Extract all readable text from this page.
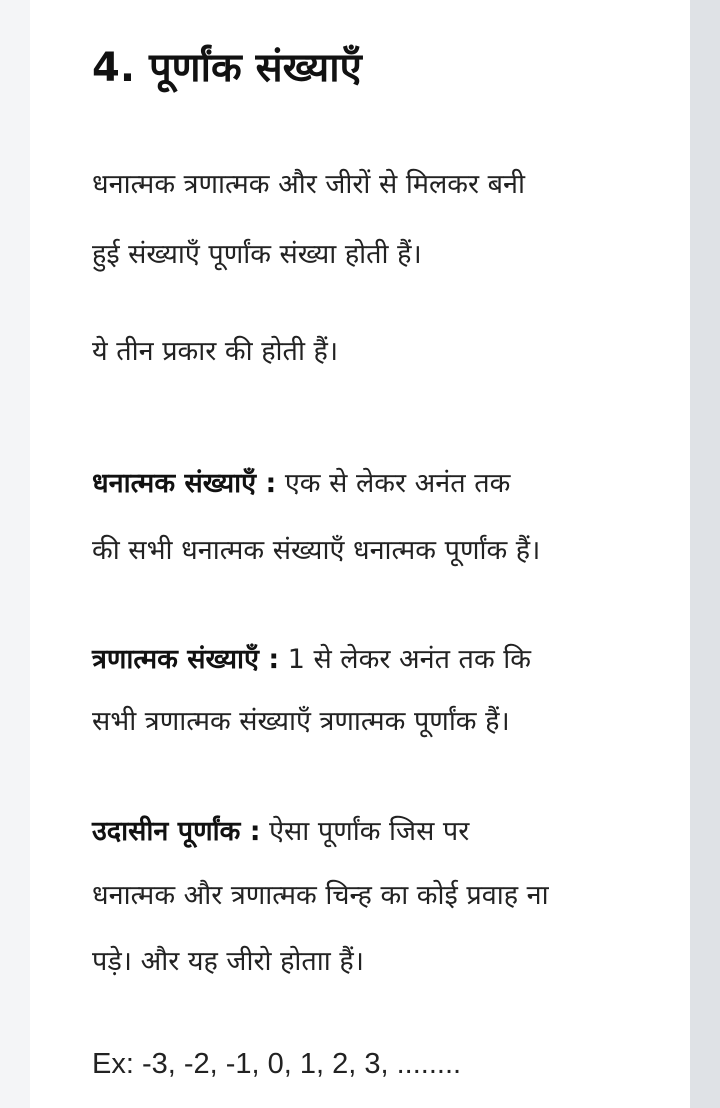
4. पूर्णांक संख्याएँ

धनात्मक त्रणात्मक और जीरों से मिलकर बनी

हुई संख्याएँ पूर्णांक संख्या होती हैं।

ये तीन प्रकार की होती हैं।

धनात्मक संख्याएँ : एक से लेकर अनंत तक

की सभी धनात्मक संख्याएँ धनात्मक पूर्णांक हैं।

त्रणात्मक संख्याएँ : 1 से लेकर अनंत तक कि

सभी त्रणात्मक संख्याएँ त्रणात्मक पूर्णांक हैं।

उदासीन पूर्णांक : ऐसा पूर्णांक जिस पर

धनात्मक और त्रणात्मक चिन्ह का कोई प्रवाह ना

पड़े। और यह जीरो होताा हैं।

Ex: -3, -2, -1, 0, 1, 2, 3, ........
